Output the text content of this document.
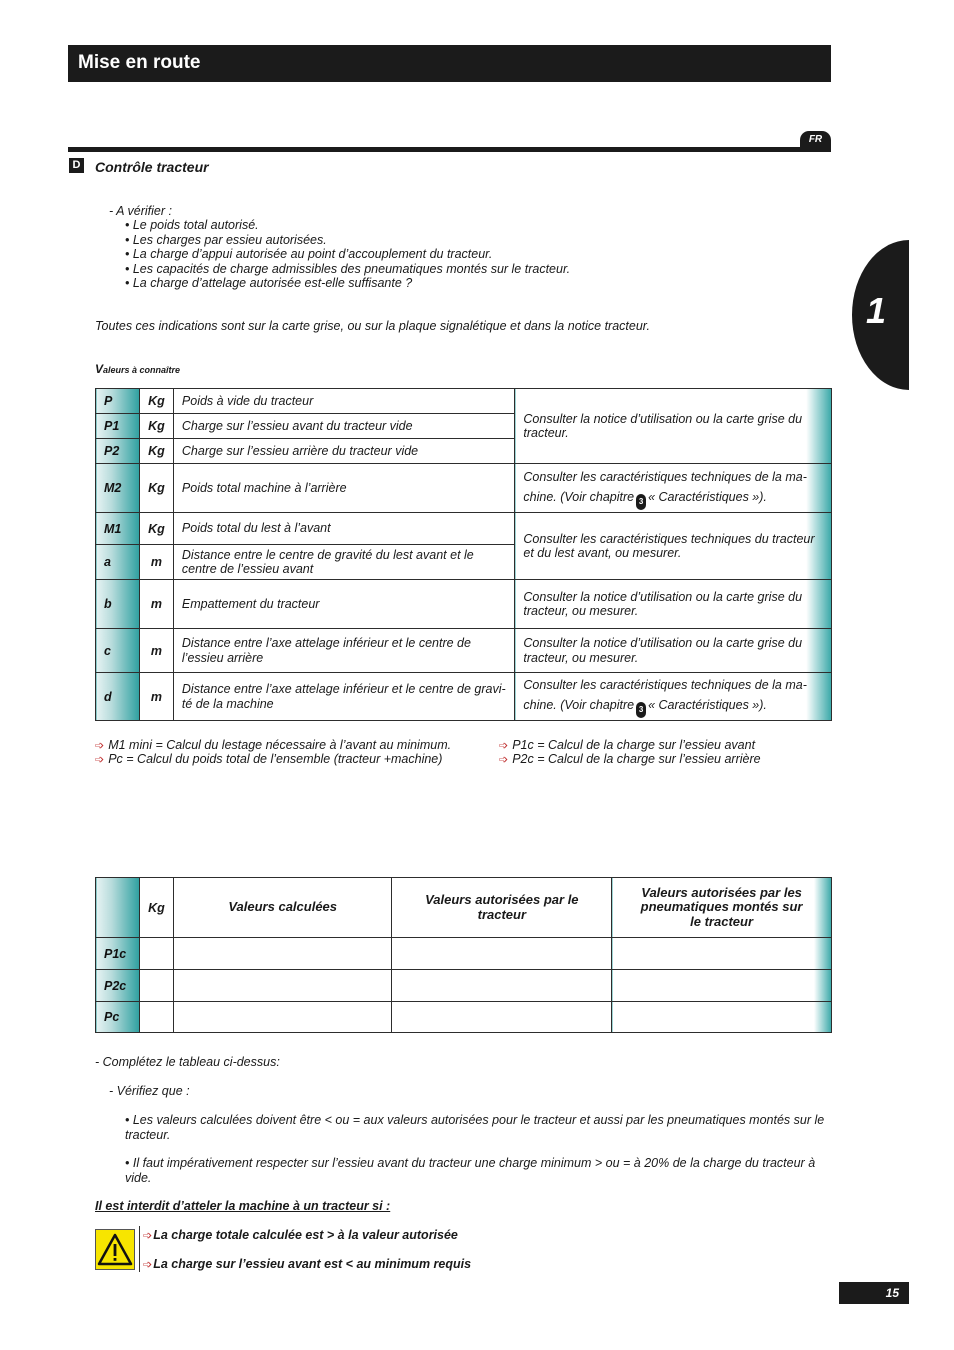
Mise en route
FR
1
D Contrôle tracteur
- A vérifier :
• Le poids total autorisé.
• Les charges par essieu autorisées.
• La charge d’appui autorisée au point d’accouplement du tracteur.
• Les capacités de charge admissibles des pneumatiques montés sur le tracteur.
• La charge d’attelage autorisée est-elle suffisante ?
Toutes ces indications sont sur la carte grise, ou sur la plaque signalétique et dans la notice tracteur.
Valeurs à connaître
P	Kg	Poids à vide du tracteur	Consulter la notice d’utilisation ou la carte grise du tracteur.
P1	Kg	Charge sur l’essieu avant du tracteur vide	
P2	Kg	Charge sur l’essieu arrière du tracteur vide	
M2	Kg	Poids total machine à l’arrière	Consulter les caractéristiques techniques de la ma-chine. (Voir chapitre 3 « Caractéristiques »).
M1	Kg	Poids total du lest à l’avant	Consulter les caractéristiques techniques du tracteur et du lest avant, ou mesurer.
a	m	Distance entre le centre de gravité du lest avant et le centre de l’essieu avant	
b	m	Empattement du tracteur	Consulter la notice d’utilisation ou la carte grise du tracteur, ou mesurer.
c	m	Distance entre l’axe attelage inférieur et le centre de l’essieu arrière	Consulter la notice d’utilisation ou la carte grise du tracteur, ou mesurer.
d	m	Distance entre l’axe attelage inférieur et le centre de gravi-té de la machine	Consulter les caractéristiques techniques de la ma-chine. (Voir chapitre 3 « Caractéristiques »).
➩ M1 mini = Calcul du lestage nécessaire à l’avant au minimum.
➩ Pc = Calcul du poids total de l’ensemble (tracteur +machine)
➩ P1c = Calcul de la charge sur l’essieu avant
➩ P2c = Calcul de la charge sur l’essieu arrière
	Kg	Valeurs calculées	Valeurs autorisées par le tracteur	Valeurs autorisées par les pneumatiques montés sur le tracteur
P1c				
P2c				
Pc				
- Complétez le tableau ci-dessus:
- Vérifiez que :
• Les valeurs calculées doivent être < ou = aux valeurs autorisées pour le tracteur et aussi par les pneumatiques montés sur le tracteur.
• Il faut impérativement respecter sur l’essieu avant du tracteur une charge minimum > ou = à 20% de la charge du tracteur à vide.
Il est interdit d’atteler la machine à un tracteur si :
➩La charge totale calculée est > à la valeur autorisée
➩La charge sur l’essieu avant est < au minimum requis
15
